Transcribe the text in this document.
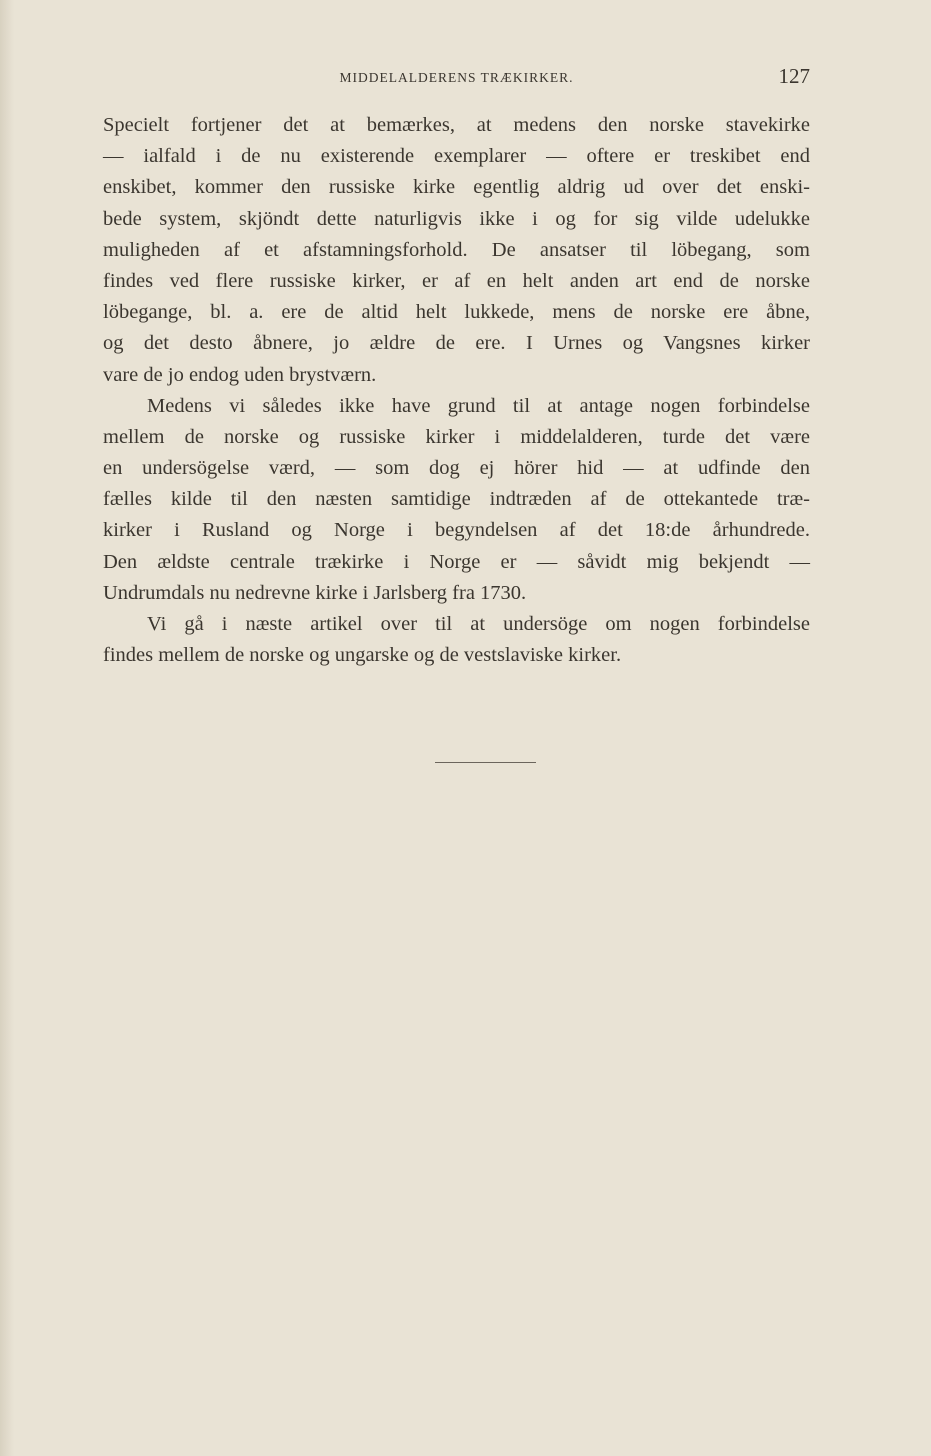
MIDDELALDERENS TRÆKIRKER.	127
Specielt fortjener det at bemærkes, at medens den norske stavekirke
— ialfald i de nu existerende exemplarer — oftere er treskibet end
enskibet, kommer den russiske kirke egentlig aldrig ud over det enski-
bede system, skjöndt dette naturligvis ikke i og for sig vilde udelukke
muligheden af et afstamningsforhold. De ansatser til löbegang, som
findes ved flere russiske kirker, er af en helt anden art end de norske
löbegange, bl. a. ere de altid helt lukkede, mens de norske ere åbne,
og det desto åbnere, jo ældre de ere. I Urnes og Vangsnes kirker
vare de jo endog uden brystværn.
Medens vi således ikke have grund til at antage nogen forbindelse
mellem de norske og russiske kirker i middelalderen, turde det være
en undersögelse værd, — som dog ej hörer hid — at udfinde den
fælles kilde til den næsten samtidige indtræden af de ottekantede træ-
kirker i Rusland og Norge i begyndelsen af det 18:de århundrede.
Den ældste centrale trækirke i Norge er — såvidt mig bekjendt —
Undrumdals nu nedrevne kirke i Jarlsberg fra 1730.
Vi gå i næste artikel over til at undersöge om nogen forbindelse
findes mellem de norske og ungarske og de vestslaviske kirker.
